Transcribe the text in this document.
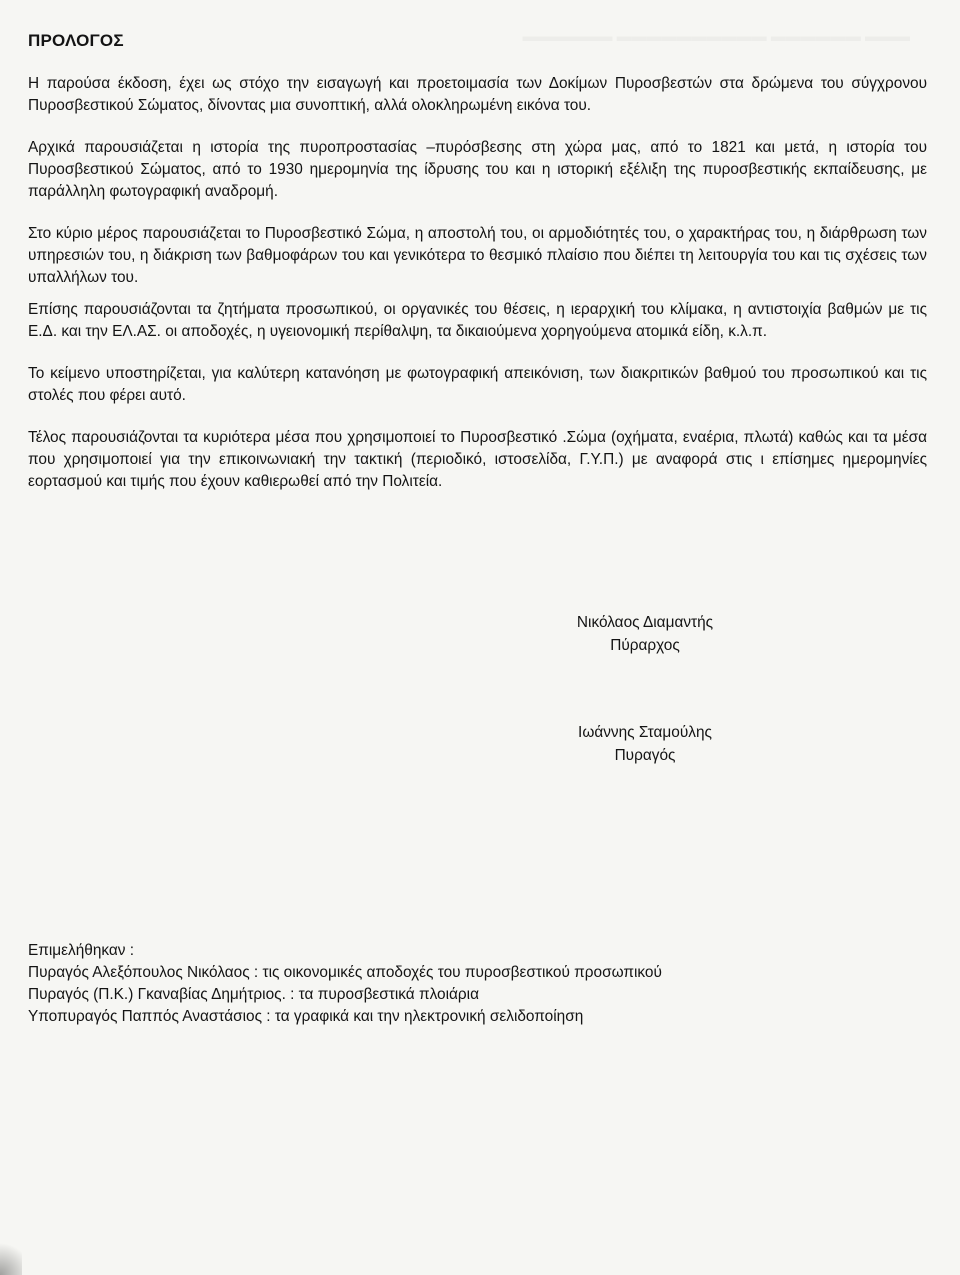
ΠΡΟΛΟΓΟΣ

Η παρούσα έκδοση, έχει ως στόχο την εισαγωγή και προετοιμασία των Δοκίμων Πυροσβεστών στα δρώμενα του σύγχρονου Πυροσβεστικού Σώματος, δίνοντας μια συνοπτική, αλλά ολοκληρωμένη εικόνα του.

Αρχικά παρουσιάζεται η ιστορία της πυροπροστασίας –πυρόσβεσης στη χώρα μας, από το 1821 και μετά, η ιστορία του Πυροσβεστικού Σώματος, από το 1930 ημερομηνία της ίδρυσης του και η ιστορική εξέλιξη της πυροσβεστικής εκπαίδευσης, με παράλληλη φωτογραφική αναδρομή.

Στο κύριο μέρος παρουσιάζεται το Πυροσβεστικό Σώμα, η αποστολή του, οι αρμοδιότητές του, ο χαρακτήρας του, η διάρθρωση των υπηρεσιών του, η διάκριση των βαθμοφάρων του και γενικότερα το θεσμικό πλαίσιο που διέπει τη λειτουργία του και τις σχέσεις των υπαλλήλων του.

Επίσης παρουσιάζονται τα ζητήματα προσωπικού, οι οργανικές του θέσεις, η ιεραρχική του κλίμακα, η αντιστοιχία βαθμών με τις Ε.Δ. και την ΕΛ.ΑΣ. οι αποδοχές, η υγειονομική περίθαλψη, τα δικαιούμενα χορηγούμενα ατομικά είδη, κ.λ.π.

Το κείμενο υποστηρίζεται, για καλύτερη κατανόηση με φωτογραφική απεικόνιση, των διακριτικών βαθμού του προσωπικού και τις στολές που φέρει αυτό.

Τέλος παρουσιάζονται τα κυριότερα μέσα που χρησιμοποιεί το Πυροσβεστικό .Σώμα (οχήματα, εναέρια, πλωτά) καθώς και τα μέσα που χρησιμοποιεί για την επικοινωνιακή την τακτική (περιοδικό, ιστοσελίδα, Γ.Υ.Π.) με αναφορά στις ι επίσημες ημερομηνίες εορτασμού και τιμής που έχουν καθιερωθεί από την Πολιτεία.

Νικόλαος Διαμαντής
Πύραρχος
Ιωάννης Σταμούλης
Πυραγός
Επιμελήθηκαν :
Πυραγός Αλεξόπουλος Νικόλαος : τις οικονομικές αποδοχές του πυροσβεστικού προσωπικού
Πυραγός (Π.Κ.) Γκαναβίας Δημήτριος. : τα πυροσβεστικά πλοιάρια
Υποπυραγός Παππός Αναστάσιος : τα γραφικά και την ηλεκτρονική σελιδοποίηση
